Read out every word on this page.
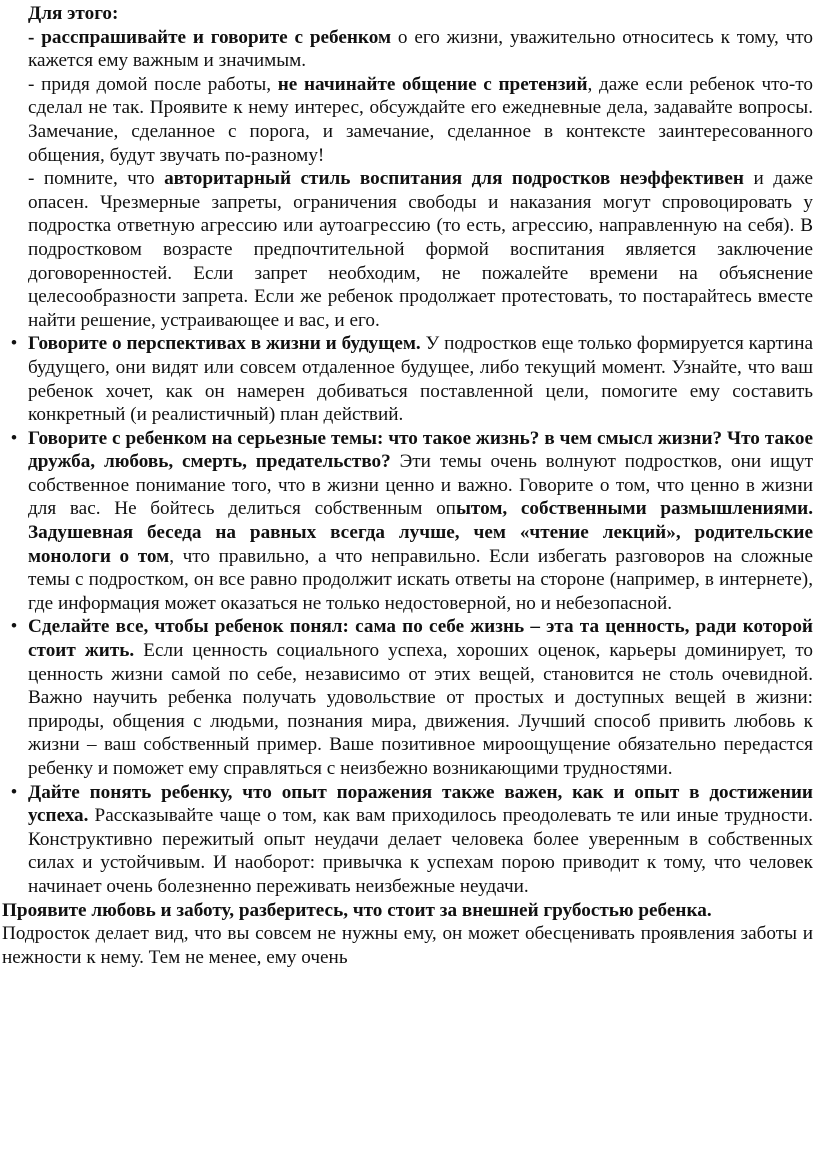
Для этого:

- расспрашивайте и говорите с ребенком о его жизни, уважительно относитесь к тому, что кажется ему важным и значимым.

- придя домой после работы, не начинайте общение с претензий, даже если ребенок что-то сделал не так. Проявите к нему интерес, обсуждайте его ежедневные дела, задавайте вопросы. Замечание, сделанное с порога, и замечание, сделанное в контексте заинтересованного общения, будут звучать по-разному!

- помните, что авторитарный стиль воспитания для подростков неэффективен и даже опасен. Чрезмерные запреты, ограничения свободы и наказания могут спровоцировать у подростка ответную агрессию или аутоагрессию (то есть, агрессию, направленную на себя). В подростковом возрасте предпочтительной формой воспитания является заключение договоренностей. Если запрет необходим, не пожалейте времени на объяснение целесообразности запрета. Если же ребенок продолжает протестовать, то постарайтесь вместе найти решение, устраивающее и вас, и его.

• Говорите о перспективах в жизни и будущем. У подростков еще только формируется картина будущего, они видят или совсем отдаленное будущее, либо текущий момент. Узнайте, что ваш ребенок хочет, как он намерен добиваться поставленной цели, помогите ему составить конкретный (и реалистичный) план действий.

• Говорите с ребенком на серьезные темы: что такое жизнь? в чем смысл жизни? Что такое дружба, любовь, смерть, предательство? Эти темы очень волнуют подростков, они ищут собственное понимание того, что в жизни ценно и важно. Говорите о том, что ценно в жизни для вас. Не бойтесь делиться собственным опытом, собственными размышлениями. Задушевная беседа на равных всегда лучше, чем «чтение лекций», родительские монологи о том, что правильно, а что неправильно. Если избегать разговоров на сложные темы с подростком, он все равно продолжит искать ответы на стороне (например, в интернете), где информация может оказаться не только недостоверной, но и небезопасной.

• Сделайте все, чтобы ребенок понял: сама по себе жизнь – эта та ценность, ради которой стоит жить. Если ценность социального успеха, хороших оценок, карьеры доминирует, то ценность жизни самой по себе, независимо от этих вещей, становится не столь очевидной. Важно научить ребенка получать удовольствие от простых и доступных вещей в жизни: природы, общения с людьми, познания мира, движения. Лучший способ привить любовь к жизни – ваш собственный пример. Ваше позитивное мироощущение обязательно передастся ребенку и поможет ему справляться с неизбежно возникающими трудностями.

• Дайте понять ребенку, что опыт поражения также важен, как и опыт в достижении успеха. Рассказывайте чаще о том, как вам приходилось преодолевать те или иные трудности. Конструктивно пережитый опыт неудачи делает человека более уверенным в собственных силах и устойчивым. И наоборот: привычка к успехам порою приводит к тому, что человек начинает очень болезненно переживать неизбежные неудачи.

Проявите любовь и заботу, разберитесь, что стоит за внешней грубостью ребенка.

Подросток делает вид, что вы совсем не нужны ему, он может обесценивать проявления заботы и нежности к нему. Тем не менее, ему очень
